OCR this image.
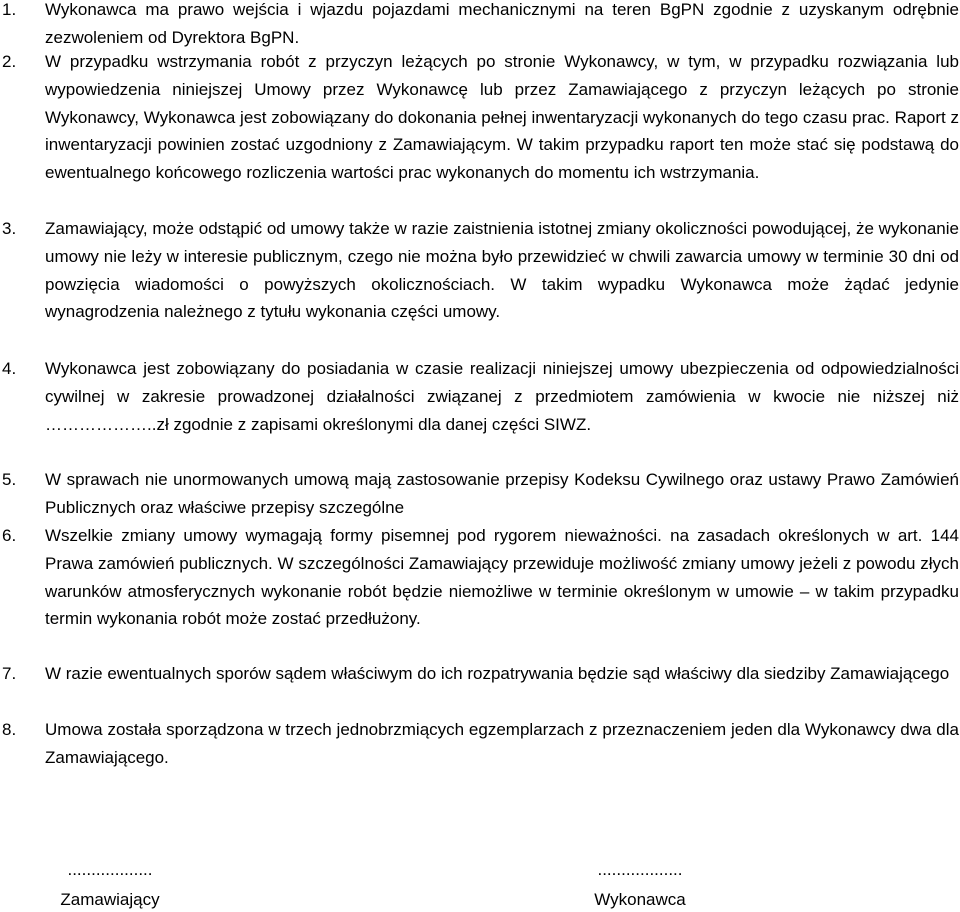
1. Wykonawca ma prawo wejścia i wjazdu pojazdami mechanicznymi na teren BgPN zgodnie z uzyskanym odrębnie zezwoleniem od Dyrektora BgPN.
2. W przypadku wstrzymania robót z przyczyn leżących po stronie Wykonawcy, w tym, w przypadku rozwiązania lub wypowiedzenia niniejszej Umowy przez Wykonawcę lub przez Zamawiającego z przyczyn leżących po stronie Wykonawcy, Wykonawca jest zobowiązany do dokonania pełnej inwentaryzacji wykonanych do tego czasu prac. Raport z inwentaryzacji powinien zostać uzgodniony z Zamawiającym. W takim przypadku raport ten może stać się podstawą do ewentualnego końcowego rozliczenia wartości prac wykonanych do momentu ich wstrzymania.
3. Zamawiający, może odstąpić od umowy także w razie zaistnienia istotnej zmiany okoliczności powodującej, że wykonanie umowy nie leży w interesie publicznym, czego nie można było przewidzieć w chwili zawarcia umowy w terminie 30 dni od powzięcia wiadomości o powyższych okolicznościach. W takim wypadku Wykonawca może żądać jedynie wynagrodzenia należnego z tytułu wykonania części umowy.
4. Wykonawca jest zobowiązany do posiadania w czasie realizacji niniejszej umowy ubezpieczenia od odpowiedzialności cywilnej w zakresie prowadzonej działalności związanej z przedmiotem zamówienia w kwocie nie niższej niż ………………..zł zgodnie z zapisami określonymi dla danej części SIWZ.
5. W sprawach nie unormowanych umową mają zastosowanie przepisy Kodeksu Cywilnego oraz ustawy Prawo Zamówień Publicznych oraz właściwe przepisy szczególne
6. Wszelkie zmiany umowy wymagają formy pisemnej pod rygorem nieważności. na zasadach określonych w art. 144 Prawa zamówień publicznych. W szczególności Zamawiający przewiduje możliwość zmiany umowy jeżeli z powodu złych warunków atmosferycznych wykonanie robót będzie niemożliwe w terminie określonym w umowie – w takim przypadku termin wykonania robót może zostać przedłużony.
7. W razie ewentualnych sporów sądem właściwym do ich rozpatrywania będzie sąd właściwy dla siedziby Zamawiającego
8. Umowa została sporządzona w trzech jednobrzmiących egzemplarzach z przeznaczeniem jeden dla Wykonawcy dwa dla Zamawiającego.
..................
Zamawiający
..................
Wykonawca
